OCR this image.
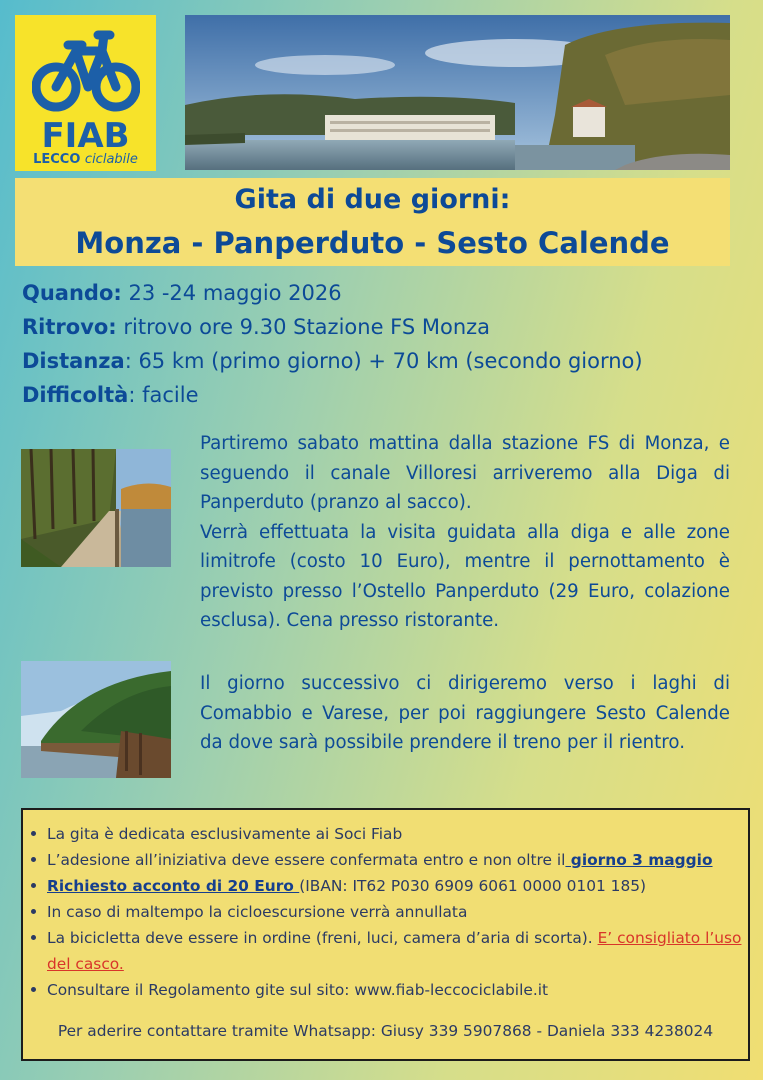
FIAB
LECCO ciclabile
Gita di due giorni:
Monza - Panperduto - Sesto Calende
Quando: 23 -24 maggio 2026
Ritrovo: ritrovo ore 9.30 Stazione FS Monza
Distanza: 65 km (primo giorno) + 70 km (secondo giorno)
Difficoltà: facile

Partiremo sabato mattina dalla stazione FS di Monza, e seguendo il canale Villoresi arriveremo alla Diga di Panperduto (pranzo al sacco).
Verrà effettuata la visita guidata alla diga e alle zone limitrofe (costo 10 Euro), mentre il pernottamento è previsto presso l’Ostello Panperduto (29 Euro, colazione esclusa). Cena presso ristorante.

Il giorno successivo ci dirigeremo verso i laghi di Comabbio e Varese, per poi raggiungere Sesto Calende da dove sarà possibile prendere il treno per il rientro.

La gita è dedicata esclusivamente ai Soci Fiab
L’adesione all’iniziativa deve essere confermata entro e non oltre il giorno 3 maggio
Richiesto acconto di 20 Euro (IBAN: IT62 P030 6909 6061 0000 0101 185)
In caso di maltempo la cicloescursione verrà annullata
La bicicletta deve essere in ordine (freni, luci, camera d’aria di scorta). E’ consigliato l’uso del casco.
Consultare il Regolamento gite sul sito: www.fiab-leccociclabile.it
Per aderire contattare tramite Whatsapp: Giusy 339 5907868 - Daniela 333 4238024
